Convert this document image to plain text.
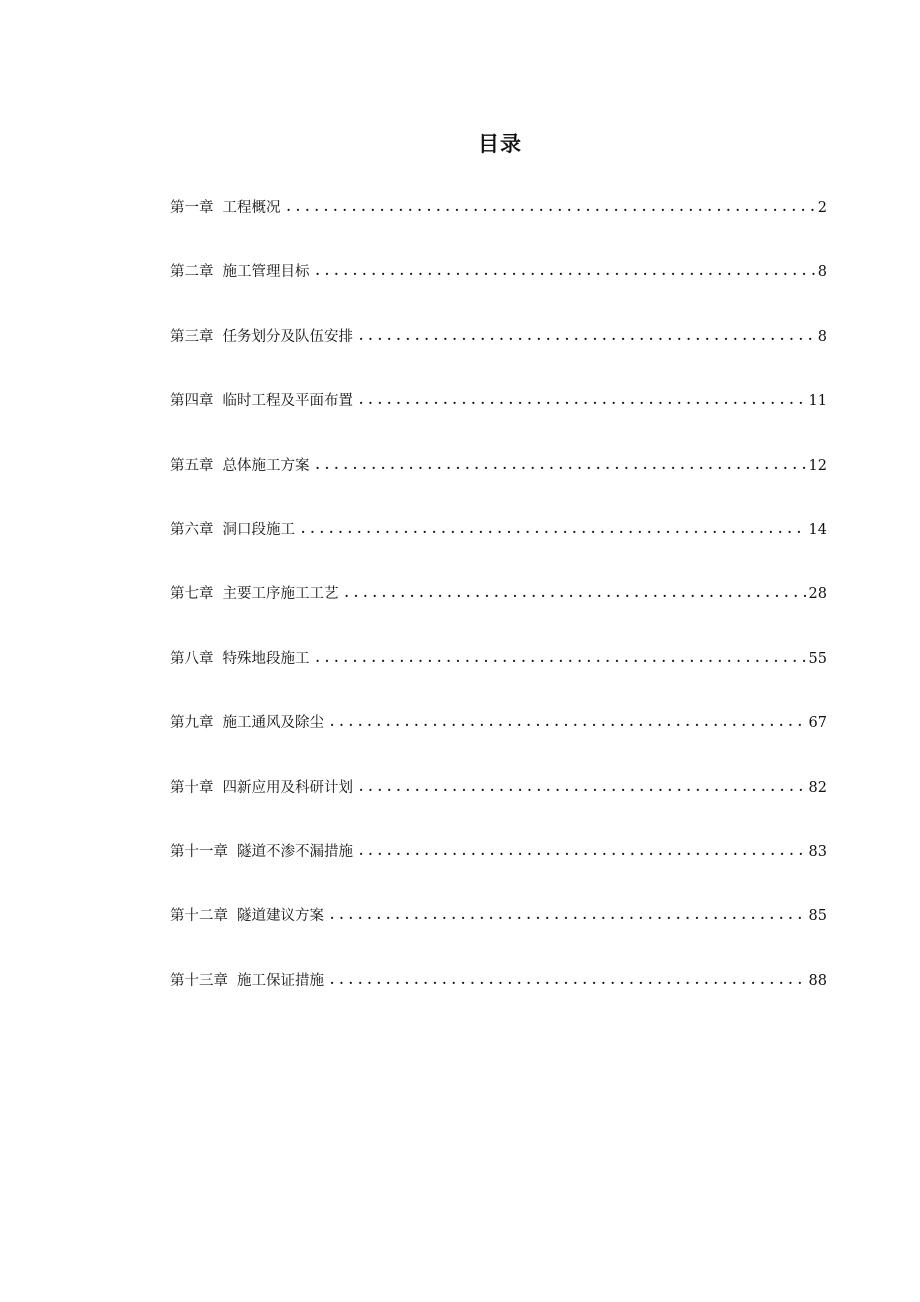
目录
第一章 工程概况 . . .	2
第二章 施工管理目标 . . .	8
第三章 任务划分及队伍安排 . . .	8
第四章 临时工程及平面布置 . . .	11
第五章 总体施工方案 . . .	12
第六章 洞口段施工 . . .	14
第七章 主要工序施工工艺 . . .	28
第八章 特殊地段施工 . . .	55
第九章 施工通风及除尘 . . .	67
第十章 四新应用及科研计划 . . .	82
第十一章 隧道不渗不漏措施 . . .	83
第十二章 隧道建议方案 . . .	85
第十三章 施工保证措施 . . .	88
